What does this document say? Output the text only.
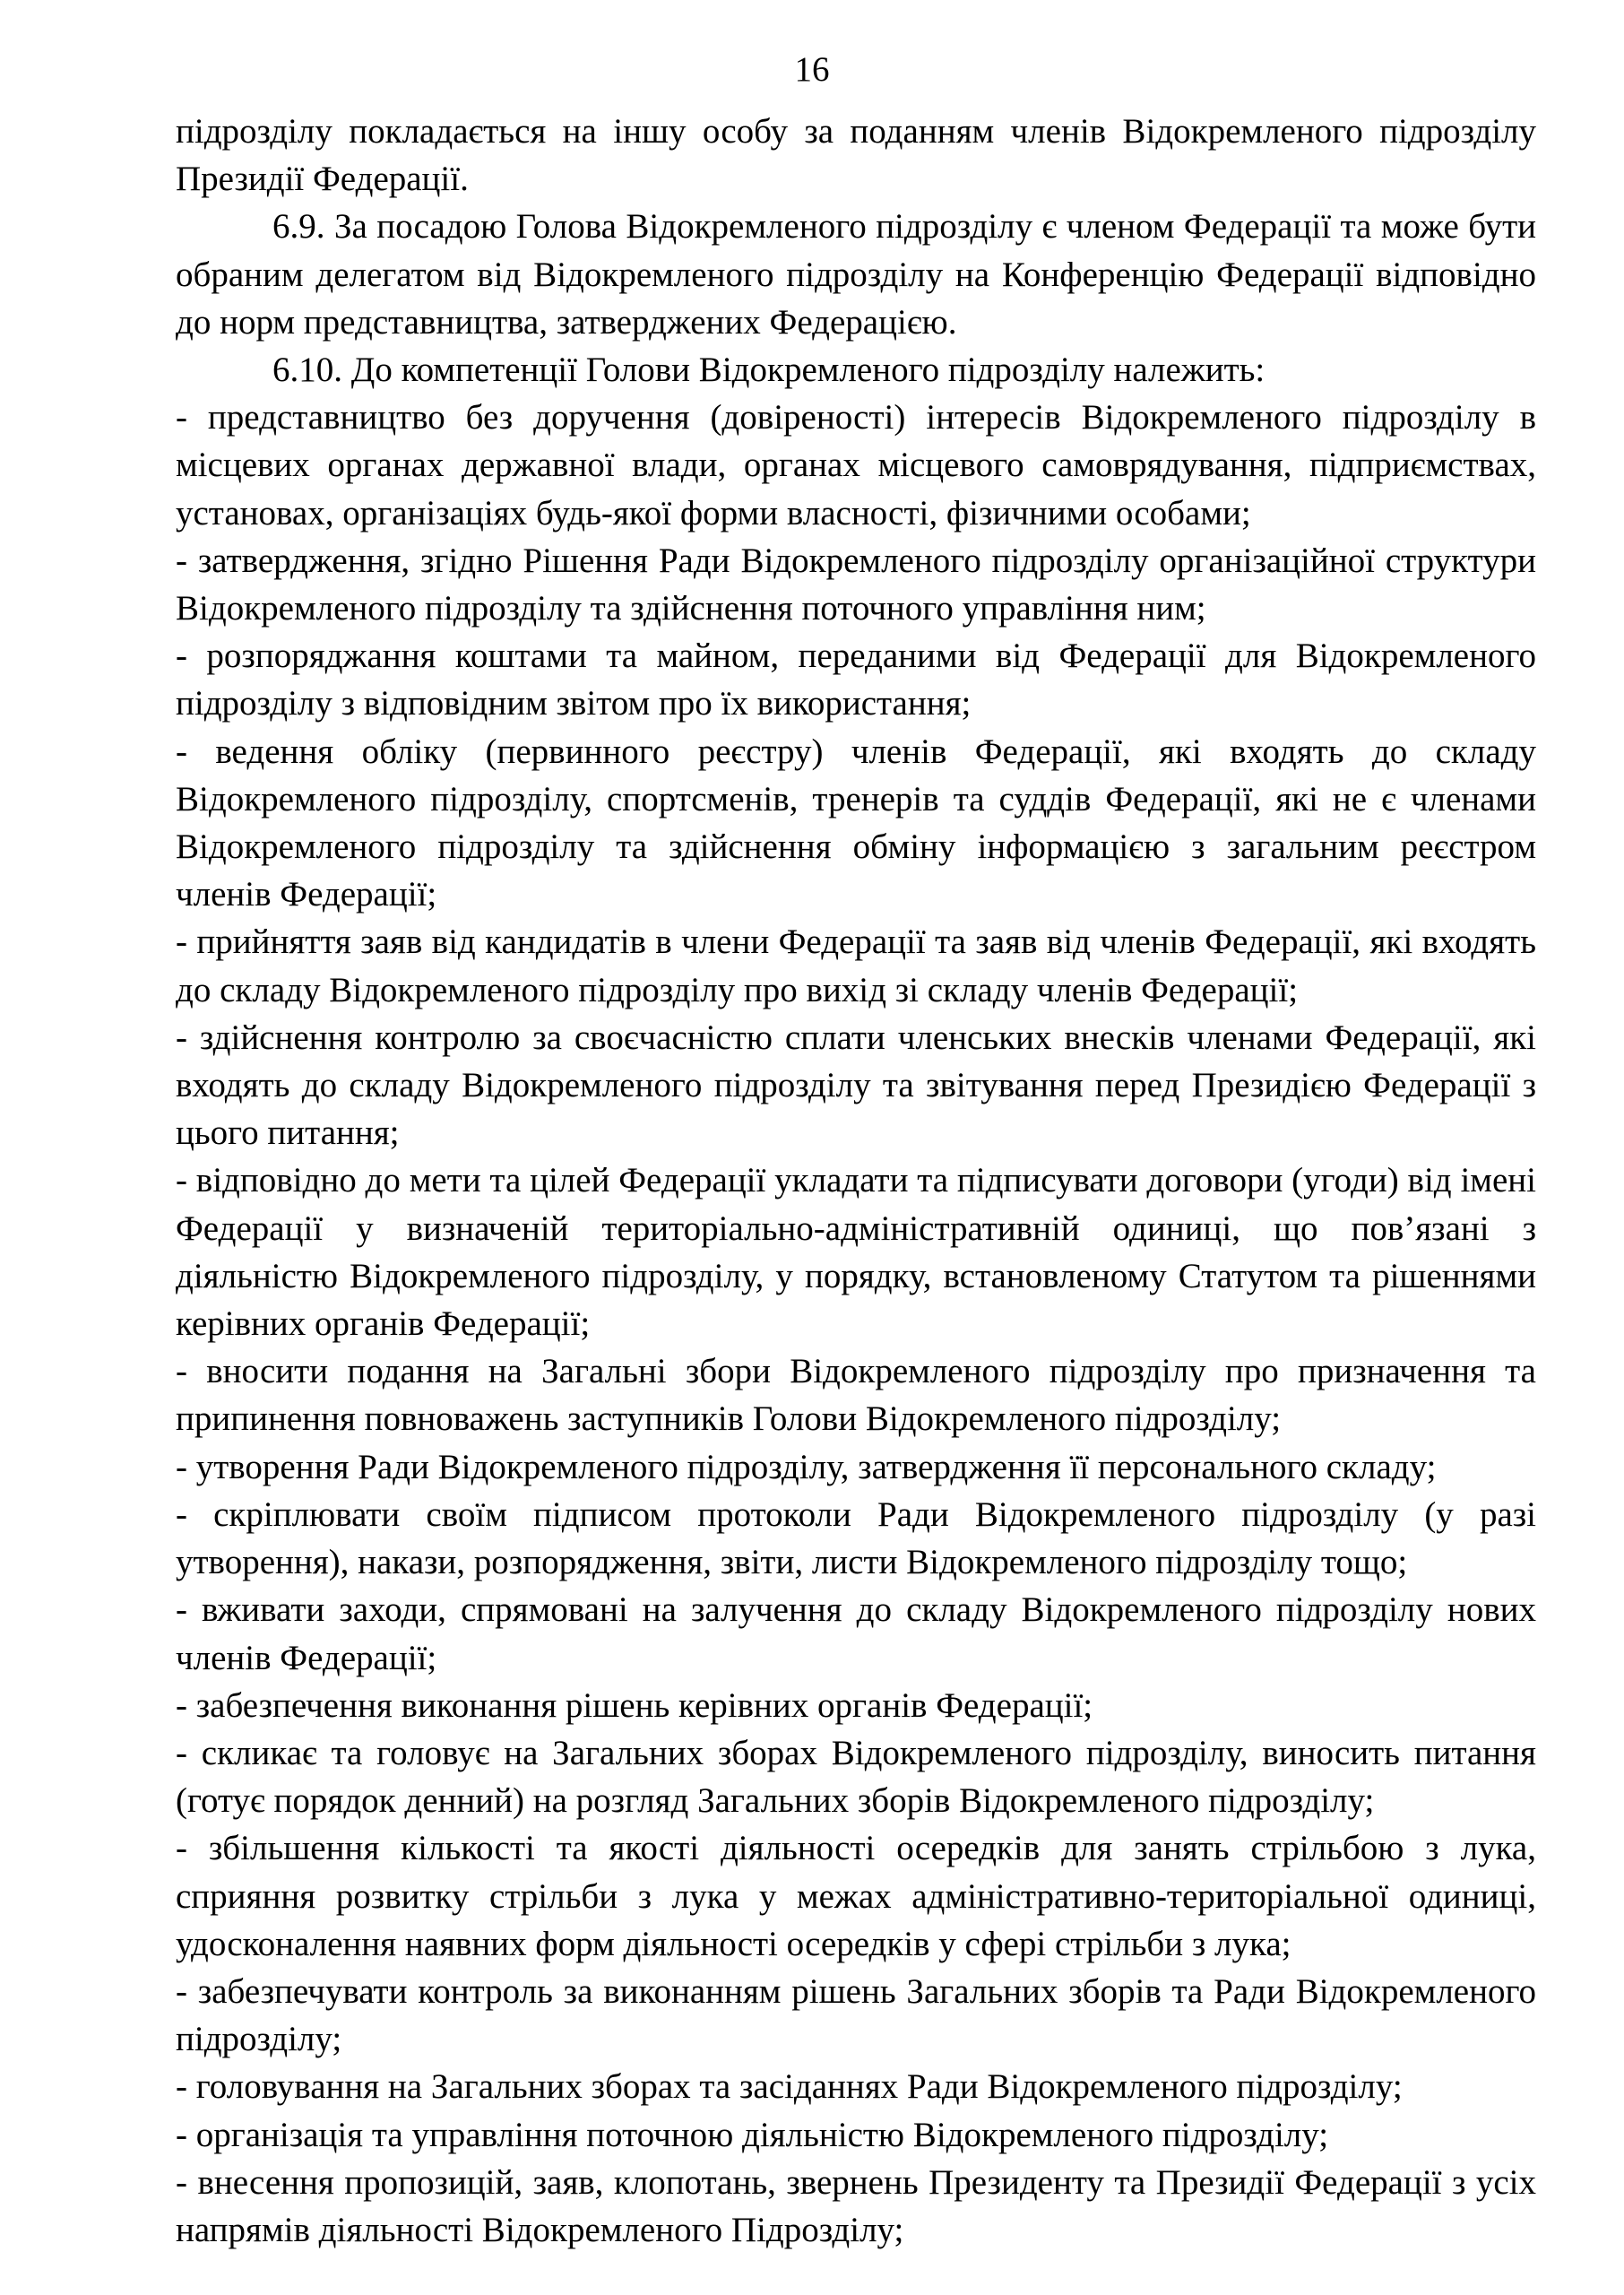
16

підрозділу покладається на іншу особу за поданням членів Відокремленого підрозділу Президії Федерації.

6.9. За посадою Голова Відокремленого підрозділу є членом Федерації та може бути обраним делегатом від Відокремленого підрозділу на Конференцію Федерації відповідно до норм представництва, затверджених Федерацією.

6.10. До компетенції Голови Відокремленого підрозділу належить:

- представництво без доручення (довіреності) інтересів Відокремленого підрозділу в місцевих органах державної влади, органах місцевого самоврядування, підприємствах, установах, організаціях будь-якої форми власності, фізичними особами;

- затвердження, згідно Рішення Ради Відокремленого підрозділу організаційної структури Відокремленого підрозділу та здійснення поточного управління ним;

- розпоряджання коштами та майном, переданими від Федерації для Відокремленого підрозділу з відповідним звітом про їх використання;

- ведення обліку (первинного реєстру) членів Федерації, які входять до складу Відокремленого підрозділу, спортсменів, тренерів та суддів Федерації, які не є членами Відокремленого підрозділу та здійснення обміну інформацією з загальним реєстром членів Федерації;

- прийняття заяв від кандидатів в члени Федерації та заяв від членів Федерації, які входять до складу Відокремленого підрозділу про вихід зі складу членів Федерації;

- здійснення контролю за своєчасністю сплати членських внесків членами Федерації, які входять до складу Відокремленого підрозділу та звітування перед Президією Федерації з цього питання;

- відповідно до мети та цілей Федерації укладати та підписувати договори (угоди) від імені Федерації у визначеній територіально-адміністративній одиниці, що пов’язані з діяльністю Відокремленого підрозділу, у порядку, встановленому Статутом та рішеннями керівних органів Федерації;

- вносити подання на Загальні збори Відокремленого підрозділу про призначення та припинення повноважень заступників Голови Відокремленого підрозділу;

- утворення Ради Відокремленого підрозділу, затвердження її персонального складу;

- скріплювати своїм підписом протоколи Ради Відокремленого підрозділу (у разі утворення), накази, розпорядження, звіти, листи Відокремленого підрозділу тощо;

- вживати заходи, спрямовані на залучення до складу Відокремленого підрозділу нових членів Федерації;

- забезпечення виконання рішень керівних органів Федерації;

- скликає та головує на Загальних зборах Відокремленого підрозділу, виносить питання (готує порядок денний) на розгляд Загальних зборів Відокремленого підрозділу;

- збільшення кількості та якості діяльності осередків для занять стрільбою з лука, сприяння розвитку стрільби з лука у межах адміністративно-територіальної одиниці, удосконалення наявних форм діяльності осередків у сфері стрільби з лука;

- забезпечувати контроль за виконанням рішень Загальних зборів та Ради Відокремленого підрозділу;

- головування на Загальних зборах та засіданнях Ради Відокремленого підрозділу;

- організація та управління поточною діяльністю Відокремленого підрозділу;

- внесення пропозицій, заяв, клопотань, звернень Президенту та Президії Федерації з усіх напрямів діяльності Відокремленого Підрозділу;
